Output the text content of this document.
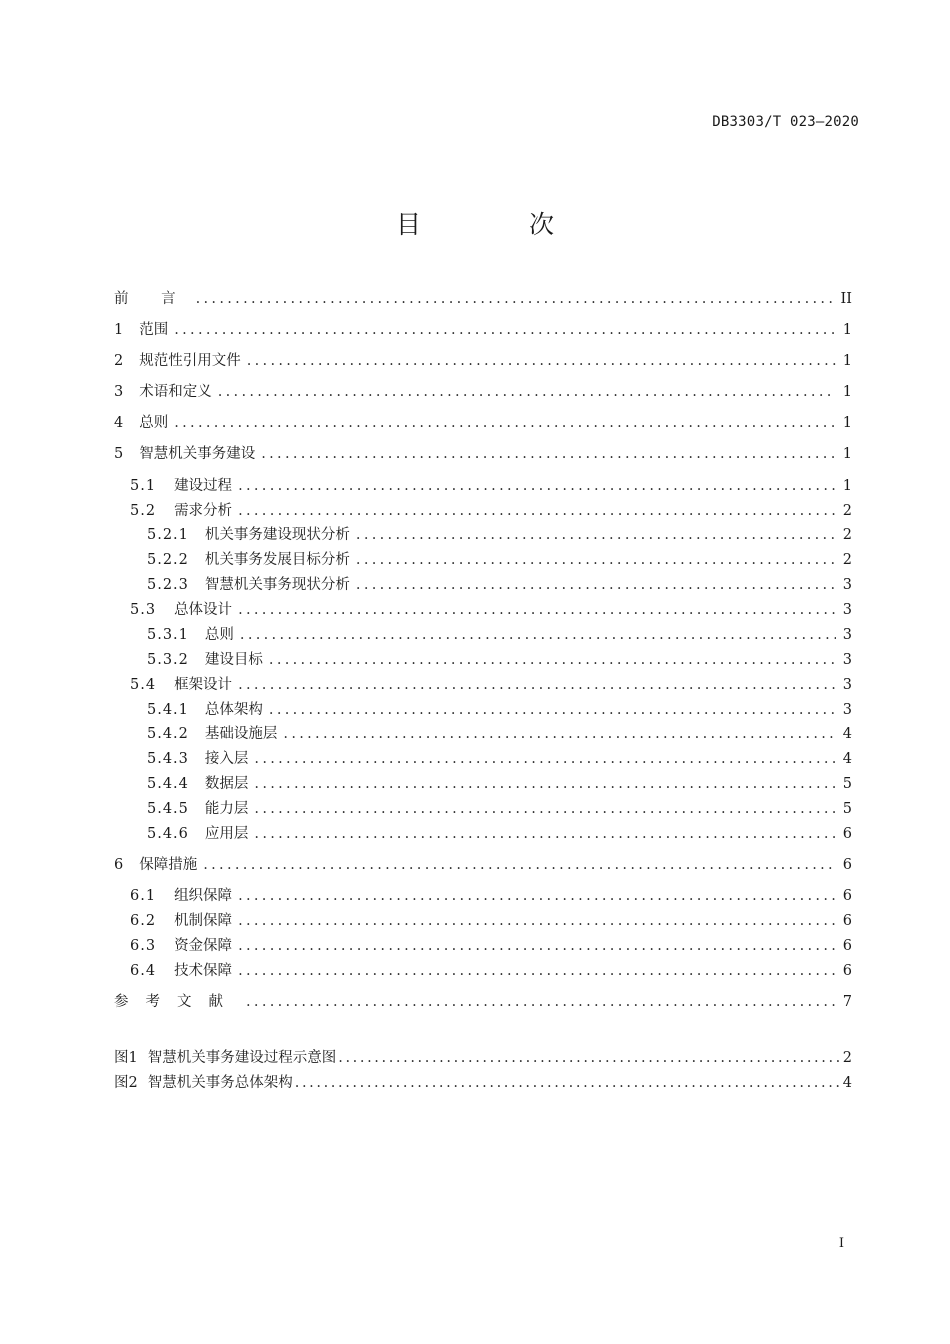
DB3303/T 023—2020
目 次
前 言 .....	II
1 范围 .....	1
2 规范性引用文件 .....	1
3 术语和定义 .....	1
4 总则 .....	1
5 智慧机关事务建设 .....	1
5.1 建设过程 .....	1
5.2 需求分析 .....	2
5.2.1 机关事务建设现状分析 .....	2
5.2.2 机关事务发展目标分析 .....	2
5.2.3 智慧机关事务现状分析 .....	3
5.3 总体设计 .....	3
5.3.1 总则 .....	3
5.3.2 建设目标 .....	3
5.4 框架设计 .....	3
5.4.1 总体架构 .....	3
5.4.2 基础设施层 .....	4
5.4.3 接入层 .....	4
5.4.4 数据层 .....	5
5.4.5 能力层 .....	5
5.4.6 应用层 .....	6
6 保障措施 .....	6
6.1 组织保障 .....	6
6.2 机制保障 .....	6
6.3 资金保障 .....	6
6.4 技术保障 .....	6
参考文献 .....	7
图1 智慧机关事务建设过程示意图 .....	2
图2 智慧机关事务总体架构 .....	4
I
